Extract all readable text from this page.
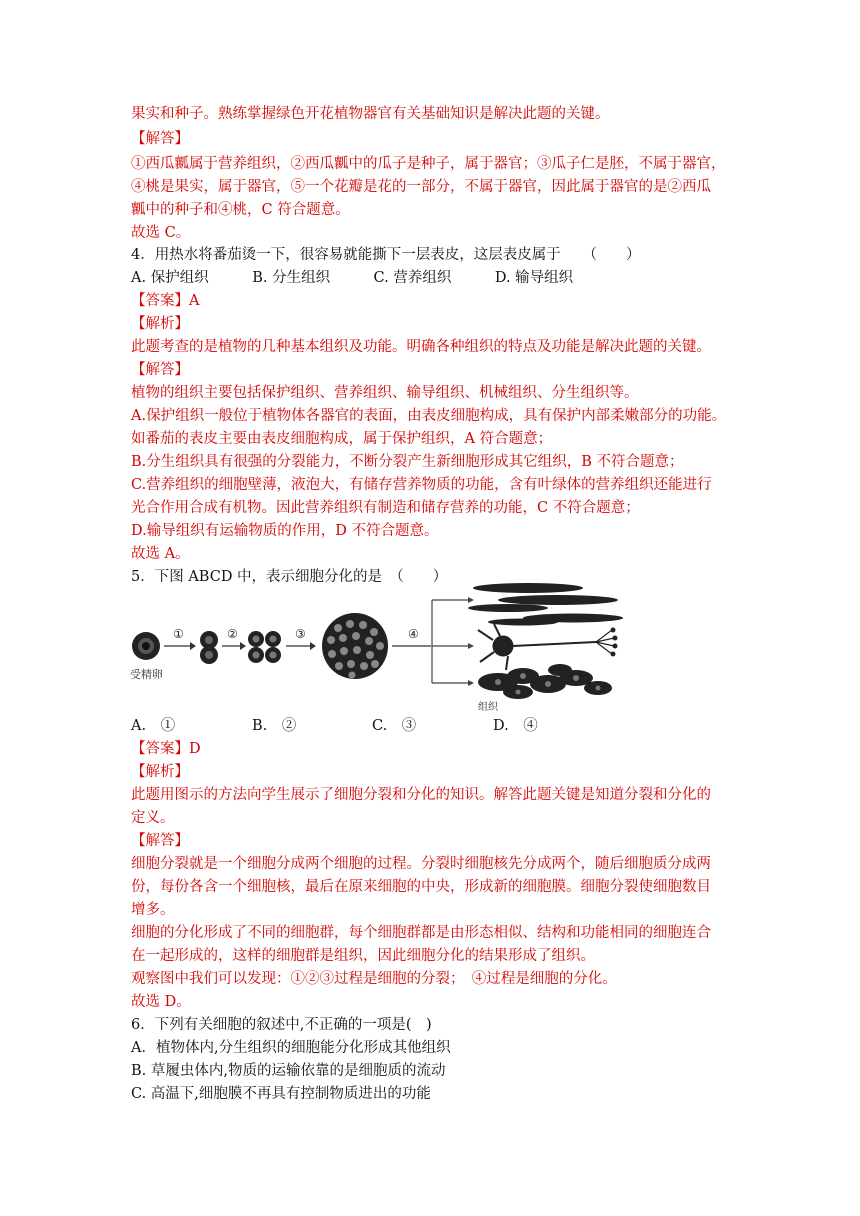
果实和种子。熟练掌握绿色开花植物器官有关基础知识是解决此题的关键。
【解答】
①西瓜瓤属于营养组织，②西瓜瓤中的瓜子是种子，属于器官；③瓜子仁是胚，不属于器官，
④桃是果实，属于器官，⑤一个花瓣是花的一部分，不属于器官，因此属于器官的是②西瓜
瓤中的种子和④桃，C 符合题意。
故选 C。
4．用热水将番茄烫一下，很容易就能撕下一层表皮，这层表皮属于　　（　　）
A. 保护组织　　　B. 分生组织　　　C. 营养组织　　　D. 输导组织
【答案】A
【解析】
此题考查的是植物的几种基本组织及功能。明确各种组织的特点及功能是解决此题的关键。
【解答】
植物的组织主要包括保护组织、营养组织、输导组织、机械组织、分生组织等。
A.保护组织一般位于植物体各器官的表面，由表皮细胞构成，具有保护内部柔嫩部分的功能。
如番茄的表皮主要由表皮细胞构成，属于保护组织，A 符合题意；
B.分生组织具有很强的分裂能力，不断分裂产生新细胞形成其它组织，B 不符合题意；
C.营养组织的细胞壁薄，液泡大，有储存营养物质的功能，含有叶绿体的营养组织还能进行
光合作用合成有机物。因此营养组织有制造和储存营养的功能，C 不符合题意；
D.输导组织有运输物质的作用，D 不符合题意。
故选 A。
5．下图 ABCD 中，表示细胞分化的是　（　　）
受精卵
①	②	③	④
组织
A.　①	B.　②	C.　③	D.　④
【答案】D
【解析】
此题用图示的方法向学生展示了细胞分裂和分化的知识。解答此题关键是知道分裂和分化的
定义。
【解答】
细胞分裂就是一个细胞分成两个细胞的过程。分裂时细胞核先分成两个，随后细胞质分成两
份，每份各含一个细胞核，最后在原来细胞的中央，形成新的细胞膜。细胞分裂使细胞数目
增多。
细胞的分化形成了不同的细胞群，每个细胞群都是由形态相似、结构和功能相同的细胞连合
在一起形成的，这样的细胞群是组织，因此细胞分化的结果形成了组织。
观察图中我们可以发现：①②③过程是细胞的分裂；　④过程是细胞的分化。
故选 D。
6．下列有关细胞的叙述中,不正确的一项是(　)
A．植物体内,分生组织的细胞能分化形成其他组织
B. 草履虫体内,物质的运输依靠的是细胞质的流动
C. 高温下,细胞膜不再具有控制物质进出的功能
